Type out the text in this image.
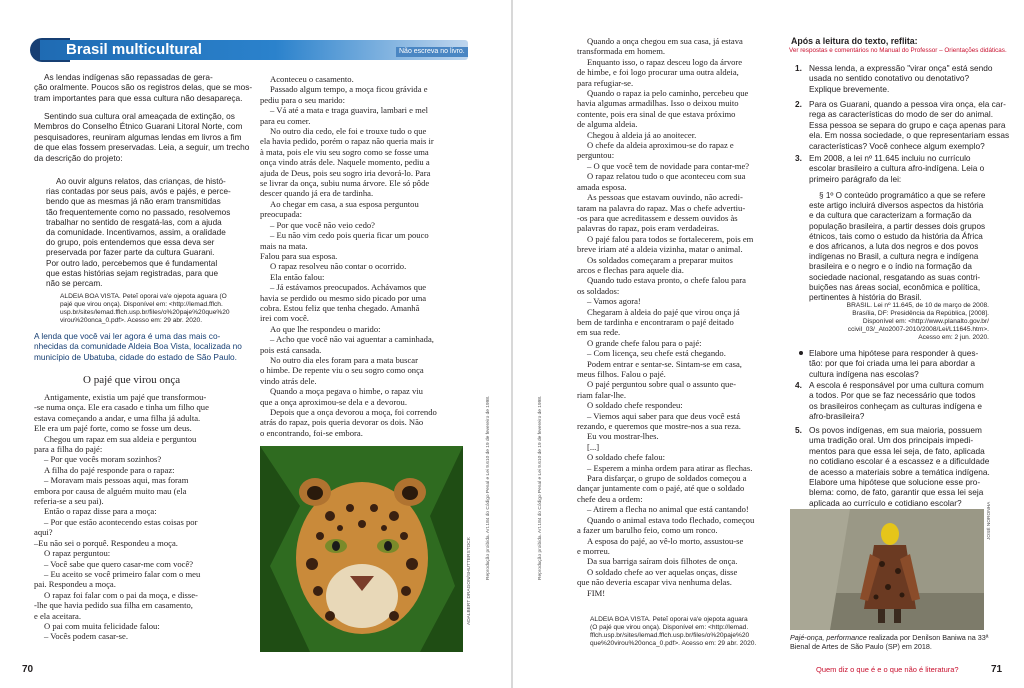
Brasil multicultural	Não escreva no livro.
As lendas indígenas são repassadas de gera-
ção oralmente. Poucos são os registros delas, que se mos-
tram importantes para que essa cultura não desapareça.
Sentindo sua cultura oral ameaçada de extinção, os
Membros do Conselho Étnico Guarani Litoral Norte, com
pesquisadores, reuniram algumas lendas em livros a fim
de que elas fossem preservadas. Leia, a seguir, um trecho
da descrição do projeto:
Ao ouvir alguns relatos, das crianças, de histó-
rias contadas por seus pais, avós e pajés, e perce-
bendo que as mesmas já não eram transmitidas
tão frequentemente como no passado, resolvemos
trabalhar no sentido de resgatá-las, com a ajuda
da comunidade. Incentivamos, assim, a oralidade
do grupo, pois entendemos que essa deva ser
preservada por fazer parte da cultura Guarani.
Por outro lado, percebemos que é fundamental
que estas histórias sejam registradas, para que
não se percam.
ALDEIA BOA VISTA. Peteĩ oporai va'e ojepota aguara (O
pajé que virou onça). Disponível em: <http://lemad.fflch.
usp.br/sites/lemad.fflch.usp.br/files/o%20paje%20que%20
virou%20onca_0.pdf>. Acesso em: 29 abr. 2020.
A lenda que você vai ler agora é uma das mais co-
nhecidas da comunidade Aldeia Boa Vista, localizada no
município de Ubatuba, cidade do estado de São Paulo.
O pajé que virou onça
Antigamente, existia um pajé que transformou-
-se numa onça. Ele era casado e tinha um filho que
estava começando a andar, e uma filha já adulta.
Ele era um pajé forte, como se fosse um deus.
Chegou um rapaz em sua aldeia e perguntou
para a filha do pajé:
– Por que vocês moram sozinhos?
A filha do pajé responde para o rapaz:
– Moravam mais pessoas aqui, mas foram
embora por causa de alguém muito mau (ela
referia-se a seu pai).
Então o rapaz disse para a moça:
– Por que estão acontecendo estas coisas por
aqui?
–Eu não sei o porquê. Respondeu a moça.
O rapaz perguntou:
– Você sabe que quero casar-me com você?
– Eu aceito se você primeiro falar com o meu
pai. Respondeu a moça.
O rapaz foi falar com o pai da moça, e disse-
-lhe que havia pedido sua filha em casamento,
e ela aceitara.
O pai com muita felicidade falou:
– Vocês podem casar-se.
Aconteceu o casamento.
Passado algum tempo, a moça ficou grávida e
pediu para o seu marido:
– Vá até a mata e traga guavira, lambari e mel
para eu comer.
No outro dia cedo, ele foi e trouxe tudo o que
ela havia pedido, porém o rapaz não queria mais ir
à mata, pois ele viu seu sogro como se fosse uma
onça vindo atrás dele. Naquele momento, pediu a
ajuda de Deus, pois seu sogro iria devorá-lo. Para
se livrar da onça, subiu numa árvore. Ele só pôde
descer quando já era de tardinha.
Ao chegar em casa, a sua esposa perguntou
preocupada:
– Por que você não veio cedo?
– Eu não vim cedo pois queria ficar um pouco
mais na mata.
Falou para sua esposa.
O rapaz resolveu não contar o ocorrido.
Ela então falou:
– Já estávamos preocupados. Achávamos que
havia se perdido ou mesmo sido picado por uma
cobra. Estou feliz que tenha chegado. Amanhã
irei com você.
Ao que lhe respondeu o marido:
– Acho que você não vai aguentar a caminhada,
pois está cansada.
No outro dia eles foram para a mata buscar
o himbe. De repente viu o seu sogro como onça
vindo atrás dele.
Quando a moça pegava o himbe, o rapaz viu
que a onça aproximou-se dela e a devorou.
Depois que a onça devorou a moça, foi correndo
atrás do rapaz, pois queria devorar os dois. Não
o encontrando, foi-se embora.
ADALBERT DRAGON/SHUTTERSTOCK
Reprodução proibida. Art.184 do Código Penal e Lei 9.610 de 19 de fevereiro de 1998.
70
Reprodução proibida. Art.184 do Código Penal e Lei 9.610 de 19 de fevereiro de 1998.
Quando a onça chegou em sua casa, já estava
transformada em homem.
Enquanto isso, o rapaz desceu logo da árvore
de himbe, e foi logo procurar uma outra aldeia,
para refugiar-se.
Quando o rapaz ia pelo caminho, percebeu que
havia algumas armadilhas. Isso o deixou muito
contente, pois era sinal de que estava próximo
de alguma aldeia.
Chegou à aldeia já ao anoitecer.
O chefe da aldeia aproximou-se do rapaz e
perguntou:
– O que você tem de novidade para contar-me?
O rapaz relatou tudo o que aconteceu com sua
amada esposa.
As pessoas que estavam ouvindo, não acredi-
taram na palavra do rapaz. Mas o chefe advertiu-
-os para que acreditassem e dessem ouvidos às
palavras do rapaz, pois eram verdadeiras.
O pajé falou para todos se fortalecerem, pois em
breve iriam até a aldeia vizinha, matar o animal.
Os soldados começaram a preparar muitos
arcos e flechas para aquele dia.
Quando tudo estava pronto, o chefe falou para
os soldados:
– Vamos agora!
Chegaram à aldeia do pajé que virou onça já
bem de tardinha e encontraram o pajé deitado
em sua rede.
O grande chefe falou para o pajé:
– Com licença, seu chefe está chegando.
Podem entrar e sentar-se. Sintam-se em casa,
meus filhos. Falou o pajé.
O pajé perguntou sobre qual o assunto que-
riam falar-lhe.
O soldado chefe respondeu:
– Viemos aqui saber para que deus você está
rezando, e queremos que mostre-nos a sua reza.
Eu vou mostrar-lhes.
[...]
O soldado chefe falou:
– Esperem a minha ordem para atirar as flechas.
Para disfarçar, o grupo de soldados começou a
dançar juntamente com o pajé, até que o soldado
chefe deu a ordem:
– Atirem a flecha no animal que está cantando!
Quando o animal estava todo flechado, começou
a fazer um barulho feio, como um ronco.
A esposa do pajé, ao vê-lo morto, assustou-se
e morreu.
Da sua barriga saíram dois filhotes de onça.
O soldado chefe ao ver aquelas onças, disse
que não deveria escapar viva nenhuma delas.
FIM!
ALDEIA BOA VISTA. Peteĩ oporai va'e ojepota aguara
(O pajé que virou onça). Disponível em: <http://lemad.
fflch.usp.br/sites/lemad.fflch.usp.br/files/o%20paje%20
que%20virou%20onca_0.pdf>. Acesso em: 29 abr. 2020.
Após a leitura do texto, reflita:
Ver respostas e comentários no Manual do Professor – Orientações didáticas.
1. Nessa lenda, a expressão "virar onça" está sendo
usada no sentido conotativo ou denotativo?
Explique brevemente.
2. Para os Guarani, quando a pessoa vira onça, ela car-
rega as características do modo de ser do animal.
Essa pessoa se separa do grupo e caça apenas para
ela. Em nossa sociedade, o que representariam essas
características? Você conhece algum exemplo?
3. Em 2008, a lei nº 11.645 incluiu no currículo
escolar brasileiro a cultura afro-indígena. Leia o
primeiro parágrafo da lei:
§ 1º O conteúdo programático a que se refere
este artigo incluirá diversos aspectos da história
e da cultura que caracterizam a formação da
população brasileira, a partir desses dois grupos
étnicos, tais como o estudo da história da África
e dos africanos, a luta dos negros e dos povos
indígenas no Brasil, a cultura negra e indígena
brasileira e o negro e o índio na formação da
sociedade nacional, resgatando as suas contri-
buições nas áreas social, econômica e política,
pertinentes à história do Brasil.
BRASIL. Lei nº 11.645, de 10 de março de 2008.
Brasília, DF: Presidência da República, [2008].
Disponível em: <http://www.planalto.gov.br/
ccivil_03/_Ato2007-2010/2008/Lei/L11645.htm>.
Acesso em: 2 jun. 2020.
Elabore uma hipótese para responder à ques-
tão: por que foi criada uma lei para abordar a
cultura indígena nas escolas?
4. A escola é responsável por uma cultura comum
a todos. Por que se faz necessário que todos
os brasileiros conheçam as culturas indígena e
afro-brasileira?
5. Os povos indígenas, em sua maioria, possuem
uma tradição oral. Um dos principais impedi-
mentos para que essa lei seja, de fato, aplicada
no cotidiano escolar é a escassez e a dificuldade
de acesso a materiais sobre a temática indígena.
Elabore uma hipótese que solucione esse pro-
blema: como, de fato, garantir que essa lei seja
aplicada ao currículo e cotidiano escolar?	JOSÉ NORONHA
Pajé-onça, performance realizada por Denilson Baniwa na 33ª
Bienal de Artes de São Paulo (SP) em 2018.
Quem diz o que é e o que não é literatura?	71
